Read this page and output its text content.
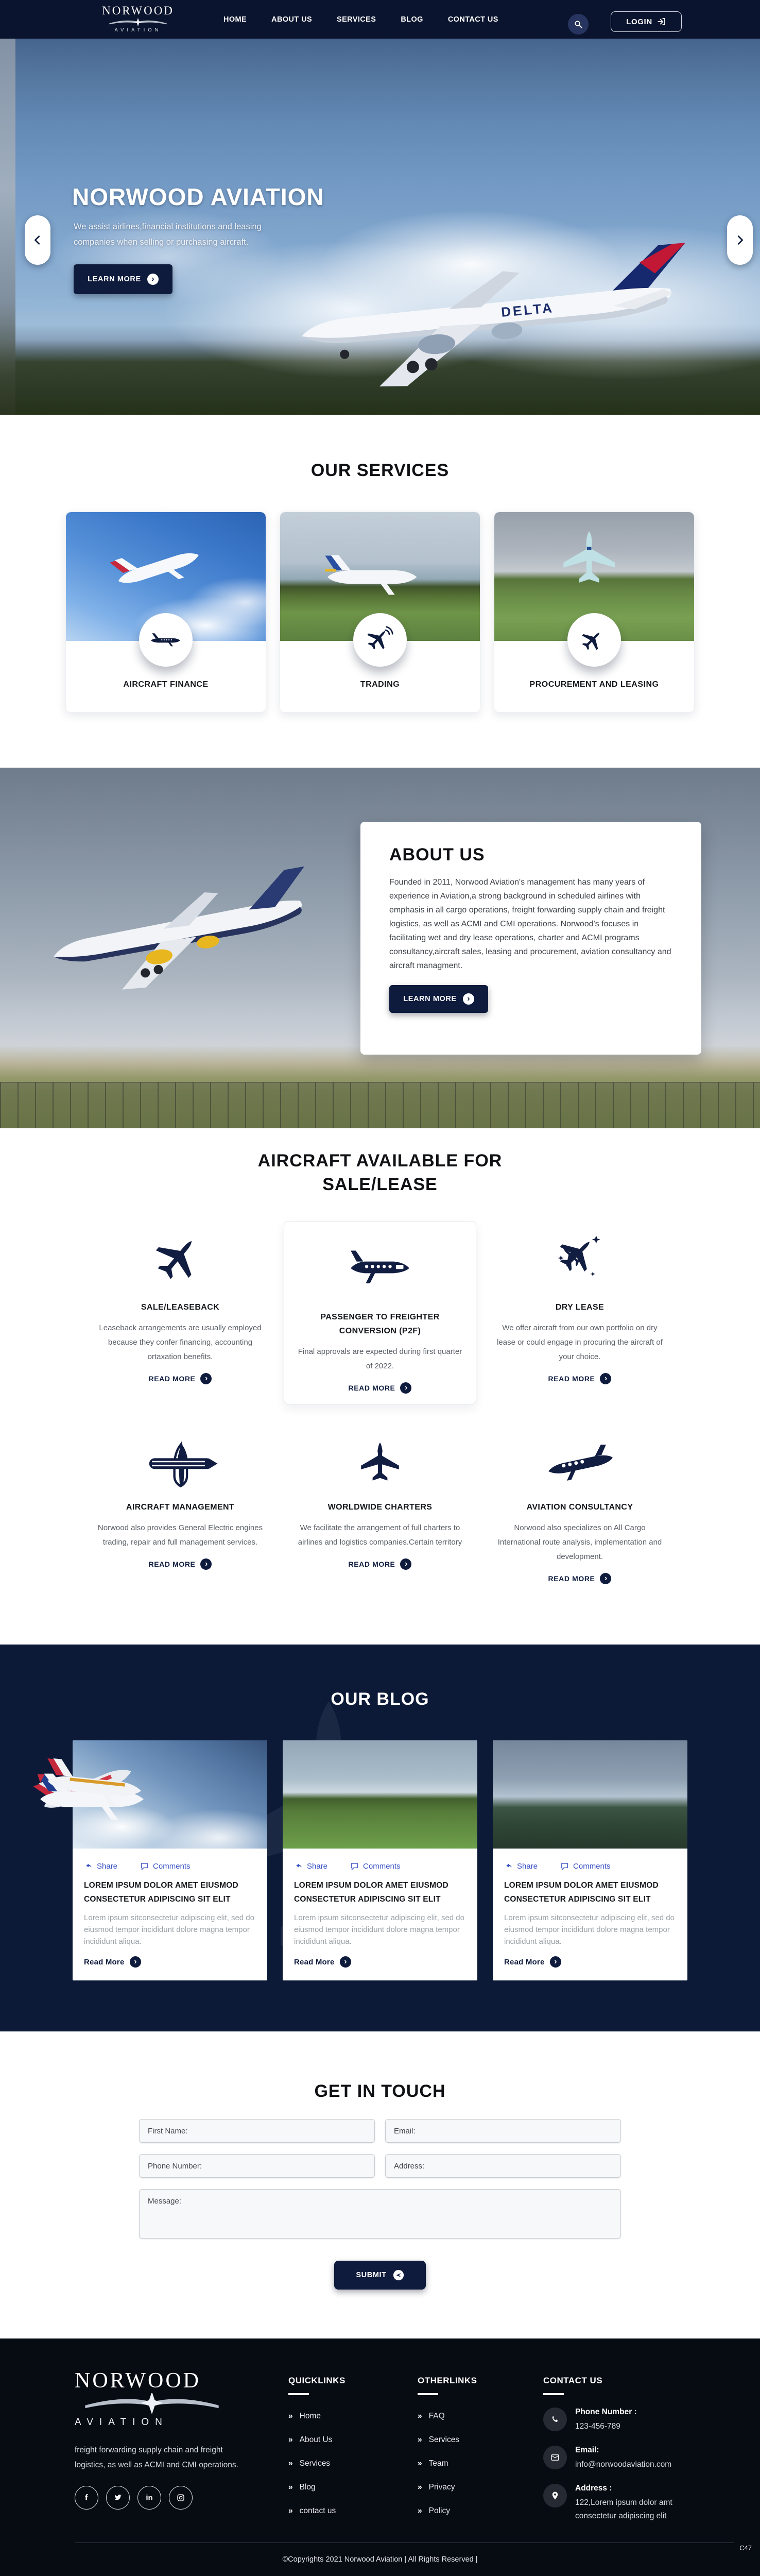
NORWOOD
AVIATION
HOME	ABOUT US	SERVICES	BLOG	CONTACT US	LOGIN
DELTA
NORWOOD AVIATION
We assist airlines,financial institutions and leasing
companies when selling or purchasing aircraft.
LEARN MORE
›
OUR SERVICES
AIRCRAFT FINANCE	TRADING	PROCUREMENT AND LEASING
ABOUT US

Founded in 2011, Norwood Aviation's management has many years of experience in Aviation,a strong background in scheduled airlines with emphasis in all cargo operations, freight forwarding supply chain and freight logistics, as well as ACMI and CMI operations. Norwood's focuses in facilitating wet and dry lease operations, charter and ACMI programs consultancy,aircraft sales, leasing and procurement, aviation consultancy and aircraft managment.

LEARN MORE
›
AIRCRAFT AVAILABLE FOR
SALE/LEASE
SALE/LEASEBACK

Leaseback arrangements are usually employed because they confer financing, accounting ortaxation benefits.

READ MORE
›
PASSENGER TO FREIGHTER CONVERSION (P2F)

Final approvals are expected during first quarter of 2022.

READ MORE
›
DRY LEASE

We offer aircraft from our own portfolio on dry lease or could engage in procuring the aircraft of your choice.

READ MORE
›
AIRCRAFT MANAGEMENT

Norwood also provides General Electric engines trading, repair and full management services.

READ MORE
›
WORLDWIDE CHARTERS

We facilitate the arrangement of full charters to airlines and logistics companies.Certain territory

READ MORE
›
AVIATION CONSULTANCY

Norwood also specializes on All Cargo International route analysis, implementation and development.

READ MORE
›
OUR BLOG
Share	Comments
LOREM IPSUM DOLOR AMET EIUSMOD CONSECTETUR ADIPISCING SIT ELIT

Lorem ipsum sitconsectetur adipiscing elit, sed do eiusmod tempor incididunt dolore magna tempor incididunt aliqua.

Read More
›
Share	Comments
LOREM IPSUM DOLOR AMET EIUSMOD CONSECTETUR ADIPISCING SIT ELIT

Lorem ipsum sitconsectetur adipiscing elit, sed do eiusmod tempor incididunt dolore magna tempor incididunt aliqua.

Read More
›
Share	Comments
LOREM IPSUM DOLOR AMET EIUSMOD CONSECTETUR ADIPISCING SIT ELIT

Lorem ipsum sitconsectetur adipiscing elit, sed do eiusmod tempor incididunt dolore magna tempor incididunt aliqua.

Read More
›
GET IN TOUCH
First Name:
Email:
Phone Number:
Address:
Message:
SUBMIT
NORWOOD
AVIATION

freight forwarding supply chain and freight logistics, as well as ACMI and CMI operations.

f	in
QUICKLINKS
» Home
» About Us
» Services
» Blog
» contact us
OTHERLINKS
» FAQ
» Services
» Team
» Privacy
» Policy
CONTACT US
Phone Number :
123-456-789
Email:
info@norwoodaviation.com
Address :
122,Lorem ipsum dolor amt consectetur adipiscing elit
C47
©Copyrights 2021 Norwood Aviation | All Rights Reserved |
